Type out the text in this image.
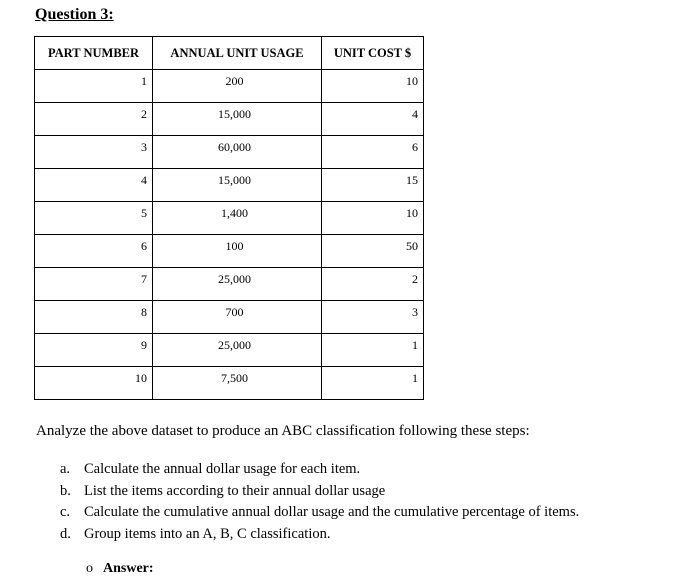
Question 3:
PART NUMBER	ANNUAL UNIT USAGE	UNIT COST $
1	200	10
2	15,000	4
3	60,000	6
4	15,000	15
5	1,400	10
6	100	50
7	25,000	2
8	700	3
9	25,000	1
10	7,500	1

Analyze the above dataset to produce an ABC classification following these steps:

a. Calculate the annual dollar usage for each item.
b. List the items according to their annual dollar usage
c. Calculate the cumulative annual dollar usage and the cumulative percentage of items.
d. Group items into an A, B, C classification.
o Answer:
